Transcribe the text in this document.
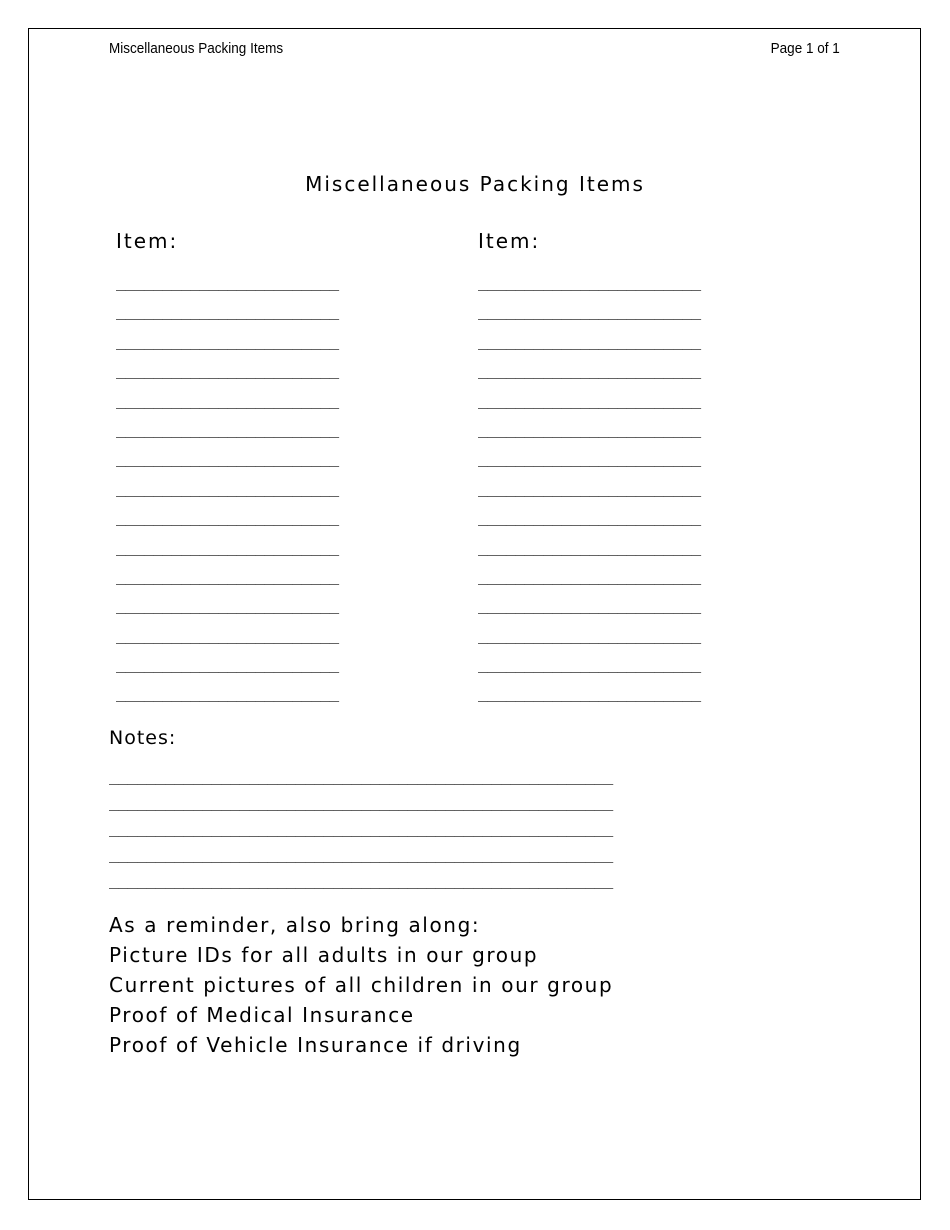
Miscellaneous Packing Items	Page 1 of 1
Miscellaneous Packing Items
Item:
________________________
________________________
________________________
________________________
________________________
________________________
________________________
________________________
________________________
________________________
________________________
________________________
________________________
________________________
________________________
Item:
________________________
________________________
________________________
________________________
________________________
________________________
________________________
________________________
________________________
________________________
________________________
________________________
________________________
________________________
________________________
Notes:
______________________________________________________
______________________________________________________
______________________________________________________
______________________________________________________
______________________________________________________
As a reminder, also bring along:
Picture IDs for all adults in our group
Current pictures of all children in our group
Proof of Medical Insurance
Proof of Vehicle Insurance if driving
